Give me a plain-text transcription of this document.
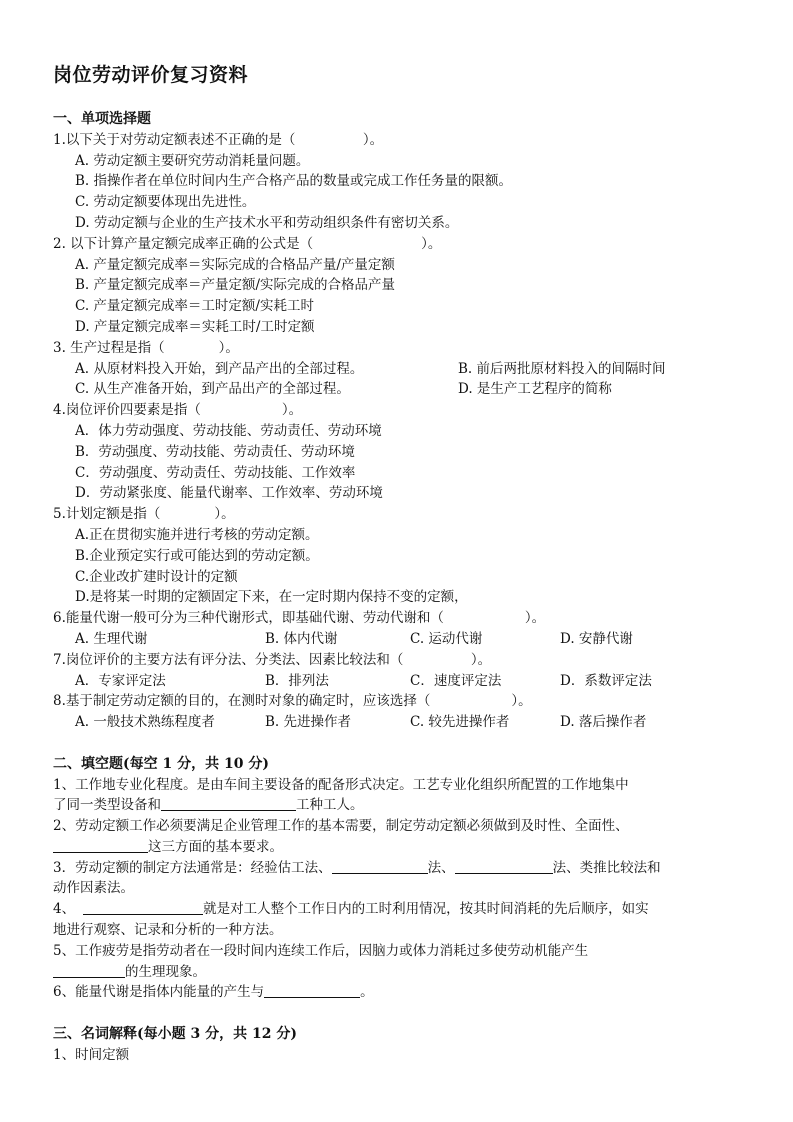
岗位劳动评价复习资料
一、单项选择题
1.以下关于对劳动定额表述不正确的是（　　　　　）。
A. 劳动定额主要研究劳动消耗量问题。
B. 指操作者在单位时间内生产合格产品的数量或完成工作任务量的限额。
C. 劳动定额要体现出先进性。
D. 劳动定额与企业的生产技术水平和劳动组织条件有密切关系。
2. 以下计算产量定额完成率正确的公式是（　　　　　　　　）。
A. 产量定额完成率＝实际完成的合格品产量/产量定额
B. 产量定额完成率＝产量定额/实际完成的合格品产量
C. 产量定额完成率＝工时定额/实耗工时
D. 产量定额完成率＝实耗工时/工时定额
3. 生产过程是指（　　　　）。
A. 从原材料投入开始，到产品产出的全部过程。	B. 前后两批原材料投入的间隔时间
C. 从生产准备开始，到产品出产的全部过程。	D. 是生产工艺程序的简称
4.岗位评价四要素是指（　　　　　　）。
A．体力劳动强度、劳动技能、劳动责任、劳动环境
B．劳动强度、劳动技能、劳动责任、劳动环境
C．劳动强度、劳动责任、劳动技能、工作效率
D．劳动紧张度、能量代谢率、工作效率、劳动环境
5.计划定额是指（　　　　）。
A.正在贯彻实施并进行考核的劳动定额。
B.企业预定实行或可能达到的劳动定额。
C.企业改扩建时设计的定额
D.是将某一时期的定额固定下来，在一定时期内保持不变的定额，
6.能量代谢一般可分为三种代谢形式，即基础代谢、劳动代谢和（　　　　　　）。
A. 生理代谢	B. 体内代谢	C. 运动代谢	D. 安静代谢
7.岗位评价的主要方法有评分法、分类法、因素比较法和（　　　　　）。
A．专家评定法	B．排列法	C．速度评定法	D．系数评定法
8.基于制定劳动定额的目的，在测时对象的确定时，应该选择（　　　　　　）。
A. 一般技术熟练程度者	B. 先进操作者	C. 较先进操作者	D. 落后操作者
二、填空题(每空 1 分，共 10 分)
1、工作地专业化程度。是由车间主要设备的配备形式决定。工艺专业化组织所配置的工作地集中
了同一类型设备和	工种工人。
2、劳动定额工作必须要满足企业管理工作的基本需要，制定劳动定额必须做到及时性、全面性、
这三方面的基本要求。
3．劳动定额的制定方法通常是：经验估工法、	法、	法、类推比较法和
动作因素法。
4、	就是对工人整个工作日内的工时利用情况，按其时间消耗的先后顺序，如实
地进行观察、记录和分析的一种方法。
5、工作疲劳是指劳动者在一段时间内连续工作后，因脑力或体力消耗过多使劳动机能产生
的生理现象。
6、能量代谢是指体内能量的产生与	。
三、名词解释(每小题 3 分，共 12 分)
1、时间定额
